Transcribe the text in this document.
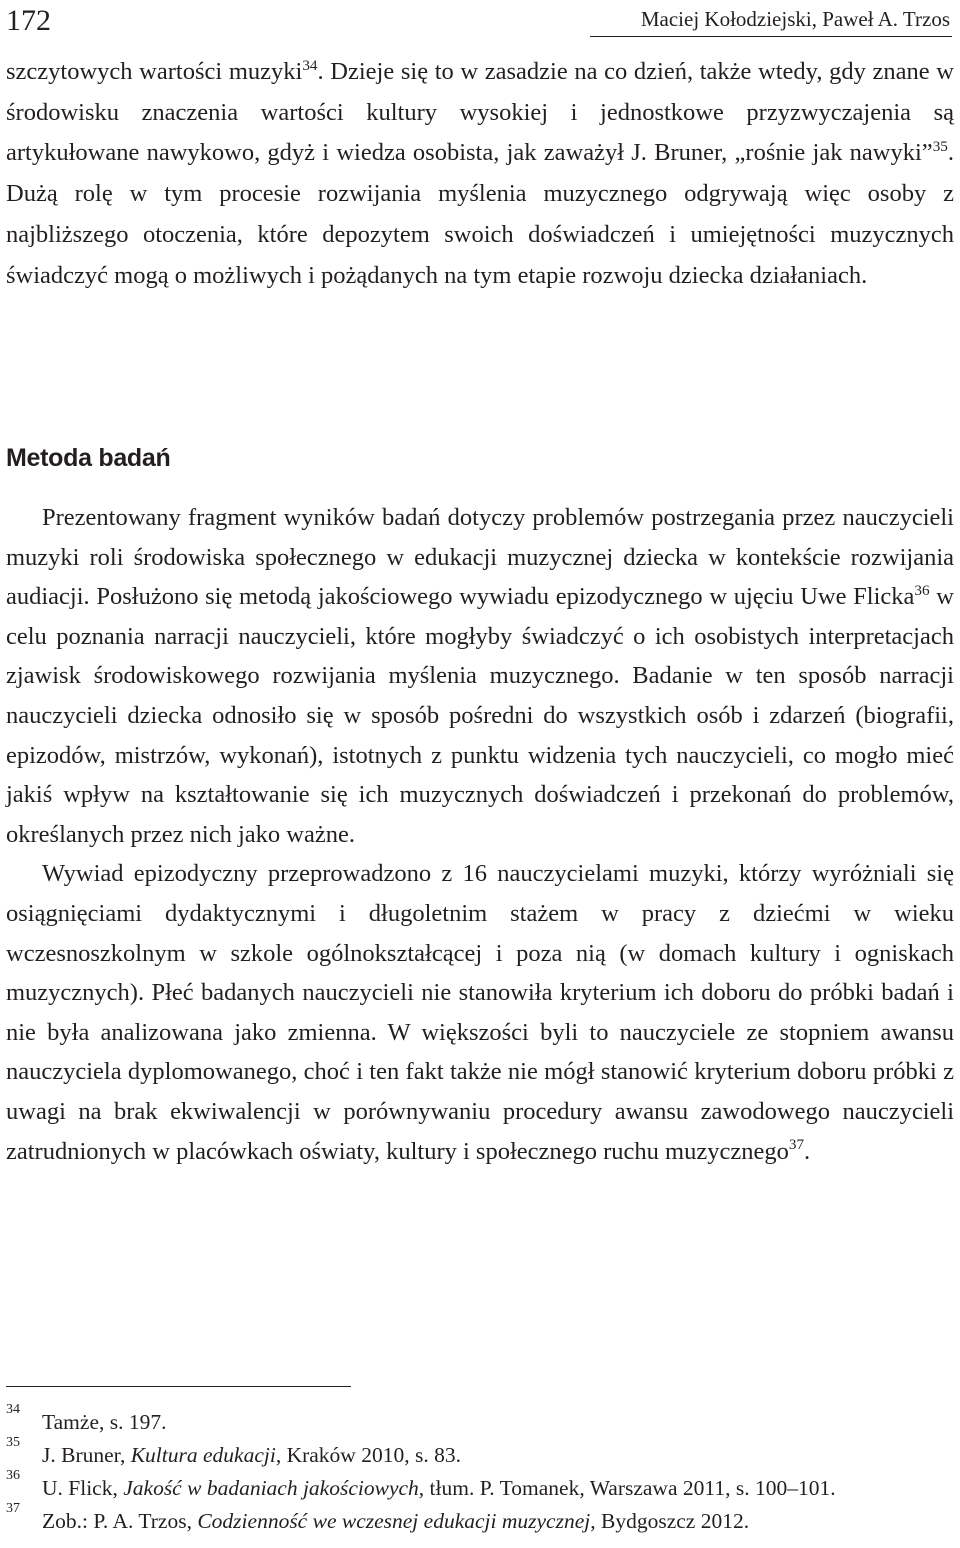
172	Maciej Kołodziejski, Paweł A. Trzos

szczytowych wartości muzyki$^{34}$. Dzieje się to w zasadzie na co dzień, także wtedy, gdy znane w środowisku znaczenia wartości kultury wysokiej i jednostkowe przyzwyczajenia są artykułowane nawykowo, gdyż i wiedza osobista, jak zaważył J. Bruner, „rośnie jak nawyki”$^{35}$. Dużą rolę w tym procesie rozwijania myślenia muzycznego odgrywają więc osoby z najbliższego otoczenia, które depozytem swoich doświadczeń i umiejętności muzycznych świadczyć mogą o możliwych i pożądanych na tym etapie rozwoju dziecka działaniach.

Metoda badań

Prezentowany fragment wyników badań dotyczy problemów postrzegania przez nauczycieli muzyki roli środowiska społecznego w edukacji muzycznej dziecka w kontekście rozwijania audiacji. Posłużono się metodą jakościowego wywiadu epizodycznego w ujęciu Uwe Flicka$^{36}$ w celu poznania narracji nauczycieli, które mogłyby świadczyć o ich osobistych interpretacjach zjawisk środowiskowego rozwijania myślenia muzycznego. Badanie w ten sposób narracji nauczycieli dziecka odnosiło się w sposób pośredni do wszystkich osób i zdarzeń (biografii, epizodów, mistrzów, wykonań), istotnych z punktu widzenia tych nauczycieli, co mogło mieć jakiś wpływ na kształtowanie się ich muzycznych doświadczeń i przekonań do problemów, określanych przez nich jako ważne.

Wywiad epizodyczny przeprowadzono z 16 nauczycielami muzyki, którzy wyróżniali się osiągnięciami dydaktycznymi i długoletnim stażem w pracy z dziećmi w wieku wczesnoszkolnym w szkole ogólnokształcącej i poza nią (w domach kultury i ogniskach muzycznych). Płeć badanych nauczycieli nie stanowiła kryterium ich doboru do próbki badań i nie była analizowana jako zmienna. W większości byli to nauczyciele ze stopniem awansu nauczyciela dyplomowanego, choć i ten fakt także nie mógł stanowić kryterium doboru próbki z uwagi na brak ekwiwalencji w porównywaniu procedury awansu zawodowego nauczycieli zatrudnionych w placówkach oświaty, kultury i społecznego ruchu muzycznego$^{37}$.

34
Tamże, s. 197.
35
J. Bruner, Kultura edukacji, Kraków 2010, s. 83.
36
U. Flick, Jakość w badaniach jakościowych, tłum. P. Tomanek, Warszawa 2011, s. 100–101.
37
Zob.: P. A. Trzos, Codzienność we wczesnej edukacji muzycznej, Bydgoszcz 2012.
